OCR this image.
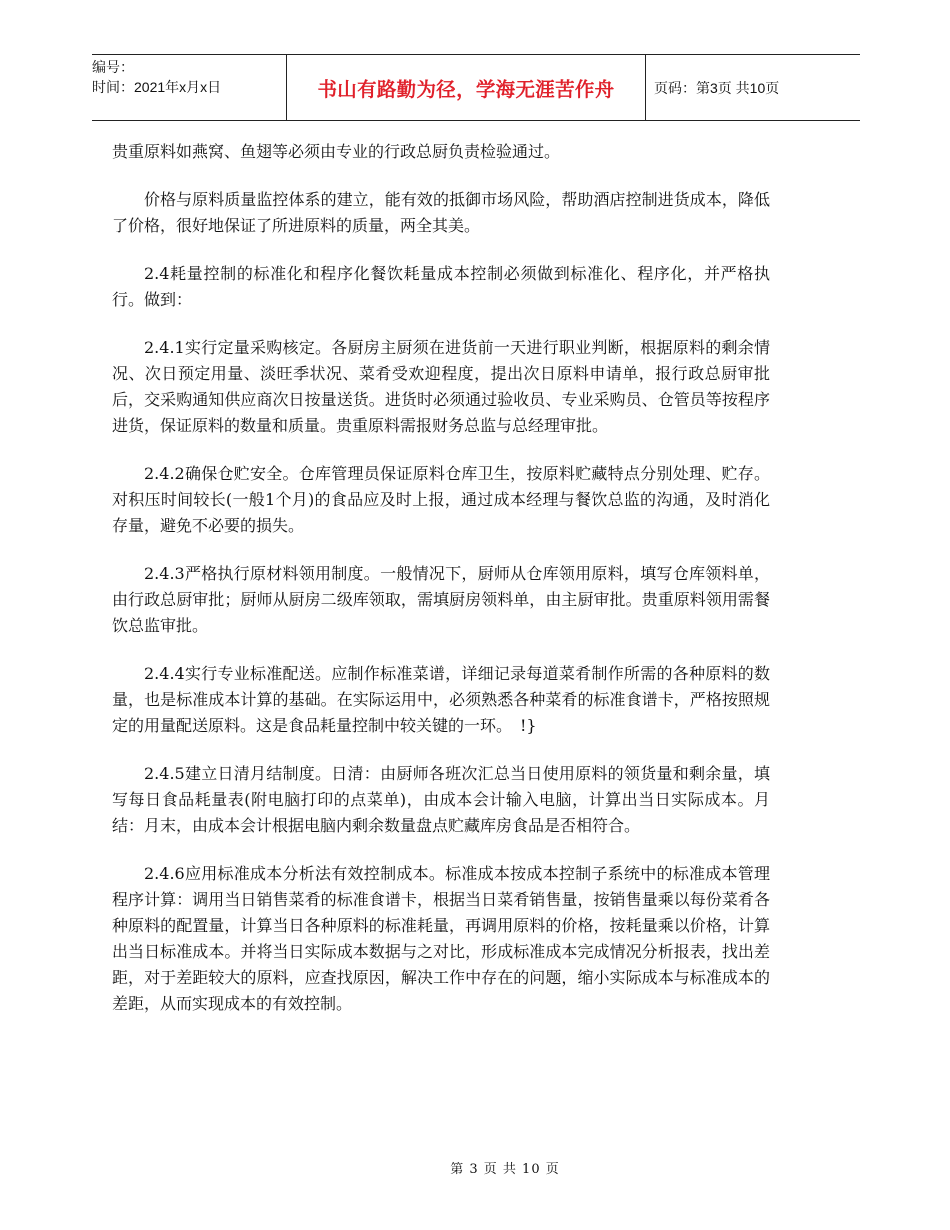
编号：
时间：2021年x月x日	书山有路勤为径，学海无涯苦作舟	页码：第3页 共10页

贵重原料如燕窝、鱼翅等必须由专业的行政总厨负责检验通过。

价格与原料质量监控体系的建立，能有效的抵御市场风险，帮助酒店控制进货成本，降低了价格，很好地保证了所进原料的质量，两全其美。

2.4耗量控制的标准化和程序化餐饮耗量成本控制必须做到标准化、程序化，并严格执行。做到：

2.4.1实行定量采购核定。各厨房主厨须在进货前一天进行职业判断，根据原料的剩余情况、次日预定用量、淡旺季状况、菜肴受欢迎程度，提出次日原料申请单，报行政总厨审批后，交采购通知供应商次日按量送货。进货时必须通过验收员、专业采购员、仓管员等按程序进货，保证原料的数量和质量。贵重原料需报财务总监与总经理审批。

2.4.2确保仓贮安全。仓库管理员保证原料仓库卫生，按原料贮藏特点分别处理、贮存。对积压时间较长(一般1个月)的食品应及时上报，通过成本经理与餐饮总监的沟通，及时消化存量，避免不必要的损失。

2.4.3严格执行原材料领用制度。一般情况下，厨师从仓库领用原料，填写仓库领料单，由行政总厨审批；厨师从厨房二级库领取，需填厨房领料单，由主厨审批。贵重原料领用需餐饮总监审批。

2.4.4实行专业标准配送。应制作标准菜谱，详细记录每道菜肴制作所需的各种原料的数量，也是标准成本计算的基础。在实际运用中，必须熟悉各种菜肴的标准食谱卡，严格按照规定的用量配送原料。这是食品耗量控制中较关键的一环。　!}

2.4.5建立日清月结制度。日清：由厨师各班次汇总当日使用原料的领货量和剩余量，填写每日食品耗量表(附电脑打印的点菜单)，由成本会计输入电脑，计算出当日实际成本。月结：月末，由成本会计根据电脑内剩余数量盘点贮藏库房食品是否相符合。

2.4.6应用标准成本分析法有效控制成本。标准成本按成本控制子系统中的标准成本管理程序计算：调用当日销售菜肴的标准食谱卡，根据当日菜肴销售量，按销售量乘以每份菜肴各种原料的配置量，计算当日各种原料的标准耗量，再调用原料的价格，按耗量乘以价格，计算出当日标准成本。并将当日实际成本数据与之对比，形成标准成本完成情况分析报表，找出差距，对于差距较大的原料，应查找原因，解决工作中存在的问题，缩小实际成本与标准成本的差距，从而实现成本的有效控制。

第 3 页 共 10 页
